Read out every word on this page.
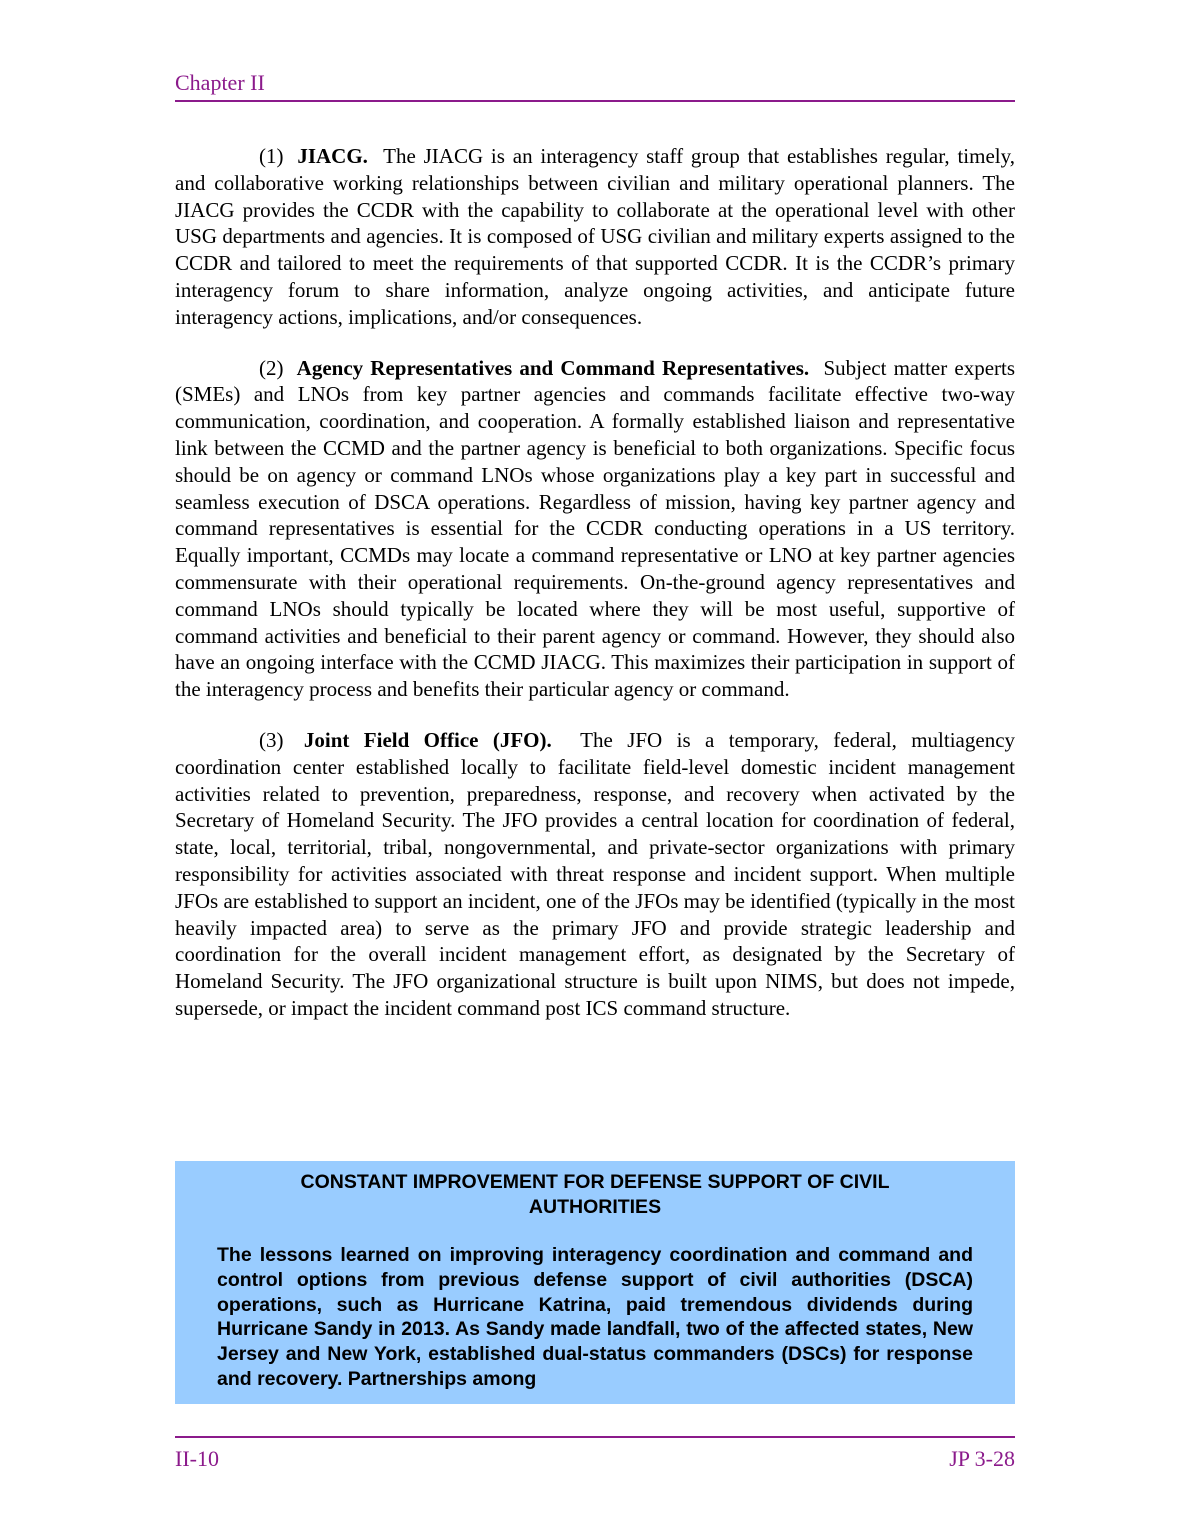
Chapter II

(1) JIACG. The JIACG is an interagency staff group that establishes regular, timely, and collaborative working relationships between civilian and military operational planners. The JIACG provides the CCDR with the capability to collaborate at the operational level with other USG departments and agencies. It is composed of USG civilian and military experts assigned to the CCDR and tailored to meet the requirements of that supported CCDR. It is the CCDR’s primary interagency forum to share information, analyze ongoing activities, and anticipate future interagency actions, implications, and/or consequences.

(2) Agency Representatives and Command Representatives. Subject matter experts (SMEs) and LNOs from key partner agencies and commands facilitate effective two-way communication, coordination, and cooperation. A formally established liaison and representative link between the CCMD and the partner agency is beneficial to both organizations. Specific focus should be on agency or command LNOs whose organizations play a key part in successful and seamless execution of DSCA operations. Regardless of mission, having key partner agency and command representatives is essential for the CCDR conducting operations in a US territory. Equally important, CCMDs may locate a command representative or LNO at key partner agencies commensurate with their operational requirements. On-the-ground agency representatives and command LNOs should typically be located where they will be most useful, supportive of command activities and beneficial to their parent agency or command. However, they should also have an ongoing interface with the CCMD JIACG. This maximizes their participation in support of the interagency process and benefits their particular agency or command.

(3) Joint Field Office (JFO). The JFO is a temporary, federal, multiagency coordination center established locally to facilitate field-level domestic incident management activities related to prevention, preparedness, response, and recovery when activated by the Secretary of Homeland Security. The JFO provides a central location for coordination of federal, state, local, territorial, tribal, nongovernmental, and private-sector organizations with primary responsibility for activities associated with threat response and incident support. When multiple JFOs are established to support an incident, one of the JFOs may be identified (typically in the most heavily impacted area) to serve as the primary JFO and provide strategic leadership and coordination for the overall incident management effort, as designated by the Secretary of Homeland Security. The JFO organizational structure is built upon NIMS, but does not impede, supersede, or impact the incident command post ICS command structure.

CONSTANT IMPROVEMENT FOR DEFENSE SUPPORT OF CIVIL AUTHORITIES

The lessons learned on improving interagency coordination and command and control options from previous defense support of civil authorities (DSCA) operations, such as Hurricane Katrina, paid tremendous dividends during Hurricane Sandy in 2013. As Sandy made landfall, two of the affected states, New Jersey and New York, established dual-status commanders (DSCs) for response and recovery. Partnerships among

II-10	JP 3-28
